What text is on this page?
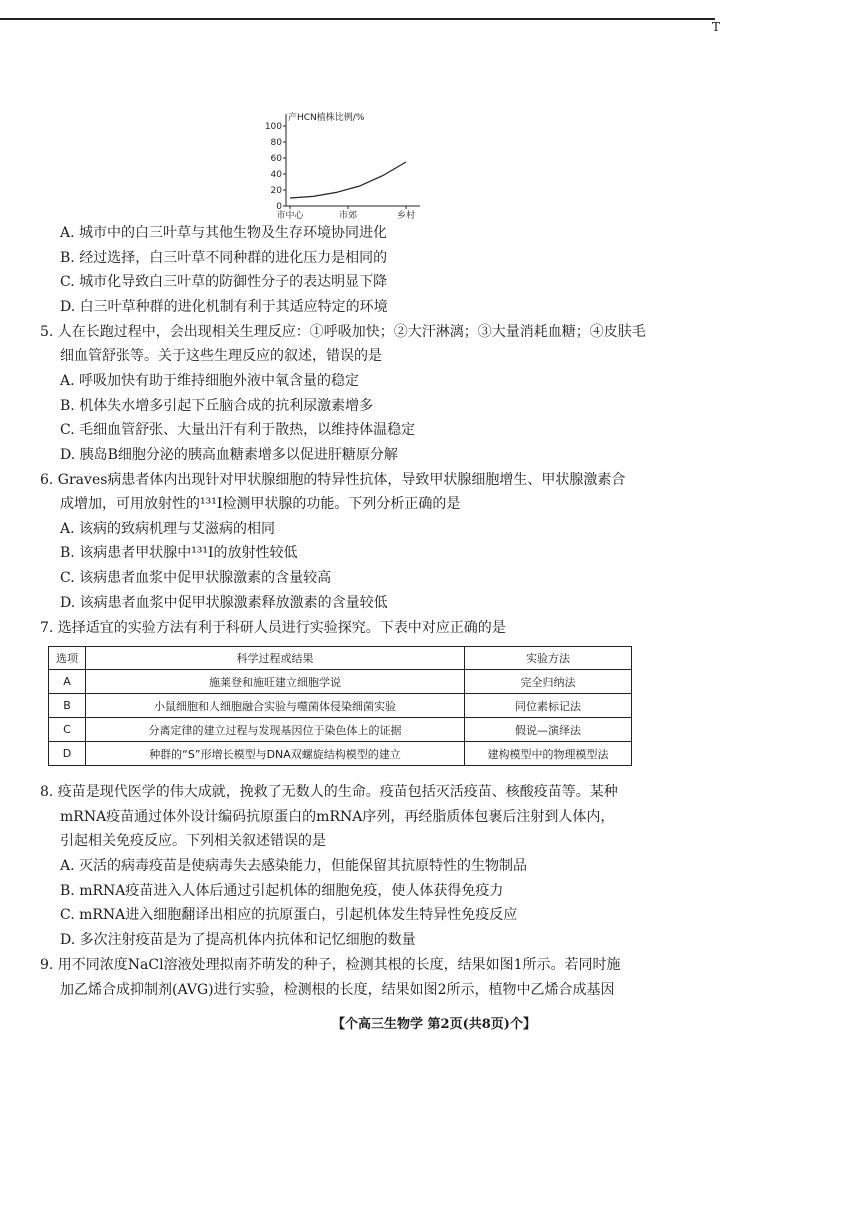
T
产HCN植株比例/%
100
80
60
40
20
0
市中心	市郊	乡村
A. 城市中的白三叶草与其他生物及生存环境协同进化
B. 经过选择，白三叶草不同种群的进化压力是相同的
C. 城市化导致白三叶草的防御性分子的表达明显下降
D. 白三叶草种群的进化机制有利于其适应特定的环境
5. 人在长跑过程中，会出现相关生理反应：①呼吸加快；②大汗淋漓；③大量消耗血糖；④皮肤毛
细血管舒张等。关于这些生理反应的叙述，错误的是
A. 呼吸加快有助于维持细胞外液中氧含量的稳定
B. 机体失水增多引起下丘脑合成的抗利尿激素增多
C. 毛细血管舒张、大量出汗有利于散热，以维持体温稳定
D. 胰岛B细胞分泌的胰高血糖素增多以促进肝糖原分解
6. Graves病患者体内出现针对甲状腺细胞的特异性抗体，导致甲状腺细胞增生、甲状腺激素合
成增加，可用放射性的¹³¹I检测甲状腺的功能。下列分析正确的是
A. 该病的致病机理与艾滋病的相同
B. 该病患者甲状腺中¹³¹I的放射性较低
C. 该病患者血浆中促甲状腺激素的含量较高
D. 该病患者血浆中促甲状腺激素释放激素的含量较低
7. 选择适宜的实验方法有利于科研人员进行实验探究。下表中对应正确的是
选项	科学过程或结果	实验方法
A	施莱登和施旺建立细胞学说	完全归纳法
B	小鼠细胞和人细胞融合实验与噬菌体侵染细菌实验	同位素标记法
C	分离定律的建立过程与发现基因位于染色体上的证据	假说—演绎法
D	种群的“S”形增长模型与DNA双螺旋结构模型的建立	建构模型中的物理模型法
8. 疫苗是现代医学的伟大成就，挽救了无数人的生命。疫苗包括灭活疫苗、核酸疫苗等。某种
mRNA疫苗通过体外设计编码抗原蛋白的mRNA序列，再经脂质体包裹后注射到人体内，
引起相关免疫反应。下列相关叙述错误的是
A. 灭活的病毒疫苗是使病毒失去感染能力，但能保留其抗原特性的生物制品
B. mRNA疫苗进入人体后通过引起机体的细胞免疫，使人体获得免疫力
C. mRNA进入细胞翻译出相应的抗原蛋白，引起机体发生特异性免疫反应
D. 多次注射疫苗是为了提高机体内抗体和记忆细胞的数量
9. 用不同浓度NaCl溶液处理拟南芥萌发的种子，检测其根的长度，结果如图1所示。若同时施
加乙烯合成抑制剂(AVG)进行实验，检测根的长度，结果如图2所示，植物中乙烯合成基因
【个高三生物学 第2页(共8页)个】
